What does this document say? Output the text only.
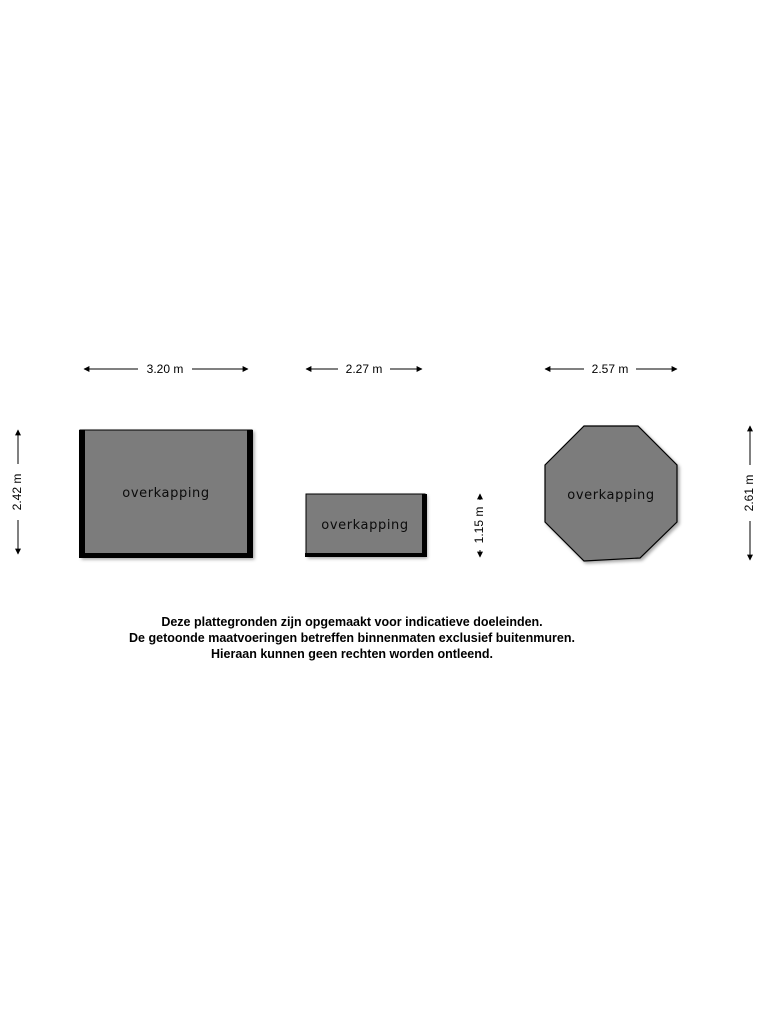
overkapping
3.20 m
2.42 m
overkapping
2.27 m
1.15 m
overkapping
2.57 m
2.61 m
Deze plattegronden zijn opgemaakt voor indicatieve doeleinden.
De getoonde maatvoeringen betreffen binnenmaten exclusief buitenmuren.
Hieraan kunnen geen rechten worden ontleend.
